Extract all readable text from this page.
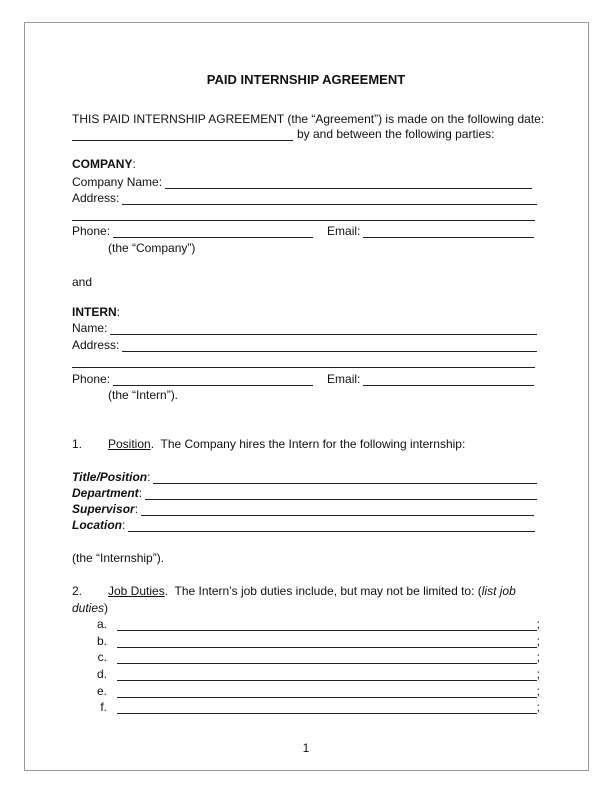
PAID INTERNSHIP AGREEMENT
THIS PAID INTERNSHIP AGREEMENT (the “Agreement”) is made on the following date:
by and between the following parties:
COMPANY :
Company Name:
Address:
Phone:	Email:
(the “Company”)
and
INTERN :
Name:
Address:
Phone:	Email:
(the “Intern”).
1.	Position .  The Company hires the Intern for the following internship:
Title/Position :
Department :
Supervisor :
Location :
(the “Internship”).
2.	Job Duties .  The Intern’s job duties include, but may not be limited to: ( list job
duties )
a.	;
b.	;
c.	;
d.	;
e.	;
f.	;
1
